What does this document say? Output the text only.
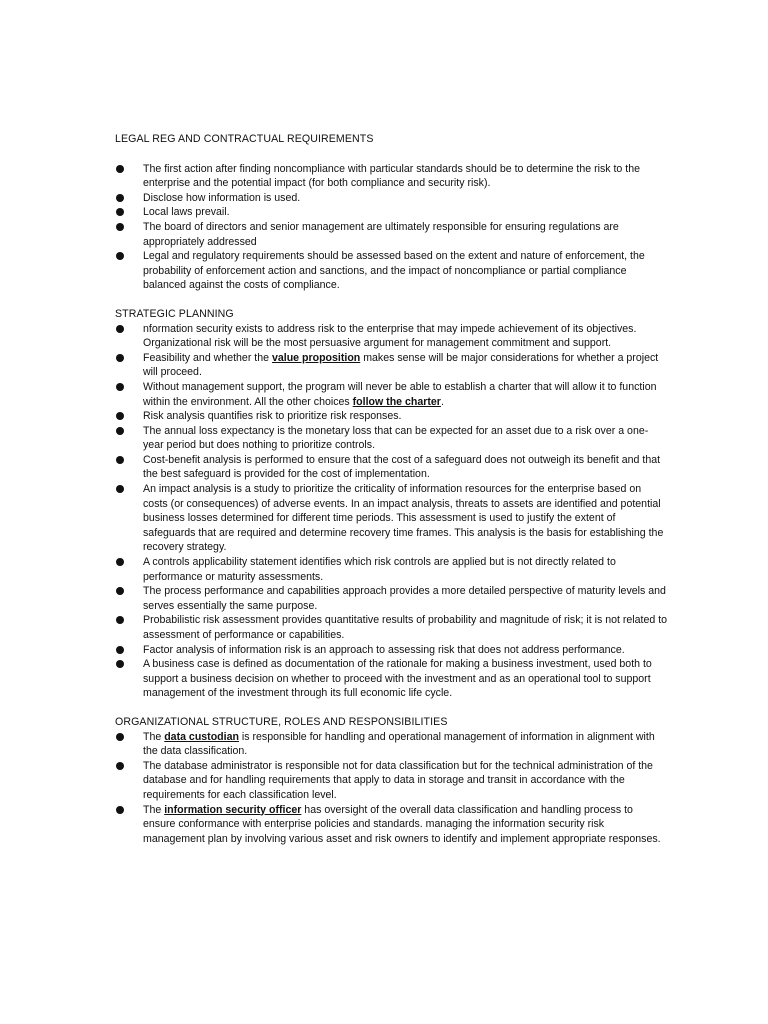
LEGAL REG AND CONTRACTUAL REQUIREMENTS
The first action after finding noncompliance with particular standards should be to determine the risk to the enterprise and the potential impact (for both compliance and security risk).
Disclose how information is used.
Local laws prevail.
The board of directors and senior management are ultimately responsible for ensuring regulations are appropriately addressed
Legal and regulatory requirements should be assessed based on the extent and nature of enforcement, the probability of enforcement action and sanctions, and the impact of noncompliance or partial compliance balanced against the costs of compliance.
STRATEGIC PLANNING
nformation security exists to address risk to the enterprise that may impede achievement of its objectives. Organizational risk will be the most persuasive argument for management commitment and support.
Feasibility and whether the value proposition makes sense will be major considerations for whether a project will proceed.
Without management support, the program will never be able to establish a charter that will allow it to function within the environment. All the other choices follow the charter.
Risk analysis quantifies risk to prioritize risk responses.
The annual loss expectancy is the monetary loss that can be expected for an asset due to a risk over a one-year period but does nothing to prioritize controls.
Cost-benefit analysis is performed to ensure that the cost of a safeguard does not outweigh its benefit and that the best safeguard is provided for the cost of implementation.
An impact analysis is a study to prioritize the criticality of information resources for the enterprise based on costs (or consequences) of adverse events. In an impact analysis, threats to assets are identified and potential business losses determined for different time periods. This assessment is used to justify the extent of safeguards that are required and determine recovery time frames. This analysis is the basis for establishing the recovery strategy.
A controls applicability statement identifies which risk controls are applied but is not directly related to performance or maturity assessments.
The process performance and capabilities approach provides a more detailed perspective of maturity levels and serves essentially the same purpose.
Probabilistic risk assessment provides quantitative results of probability and magnitude of risk; it is not related to assessment of performance or capabilities.
Factor analysis of information risk is an approach to assessing risk that does not address performance.
A business case is defined as documentation of the rationale for making a business investment, used both to support a business decision on whether to proceed with the investment and as an operational tool to support management of the investment through its full economic life cycle.
ORGANIZATIONAL STRUCTURE, ROLES AND RESPONSIBILITIES
The data custodian is responsible for handling and operational management of information in alignment with the data classification.
The database administrator is responsible not for data classification but for the technical administration of the database and for handling requirements that apply to data in storage and transit in accordance with the requirements for each classification level.
The information security officer has oversight of the overall data classification and handling process to ensure conformance with enterprise policies and standards. managing the information security risk management plan by involving various asset and risk owners to identify and implement appropriate responses.
